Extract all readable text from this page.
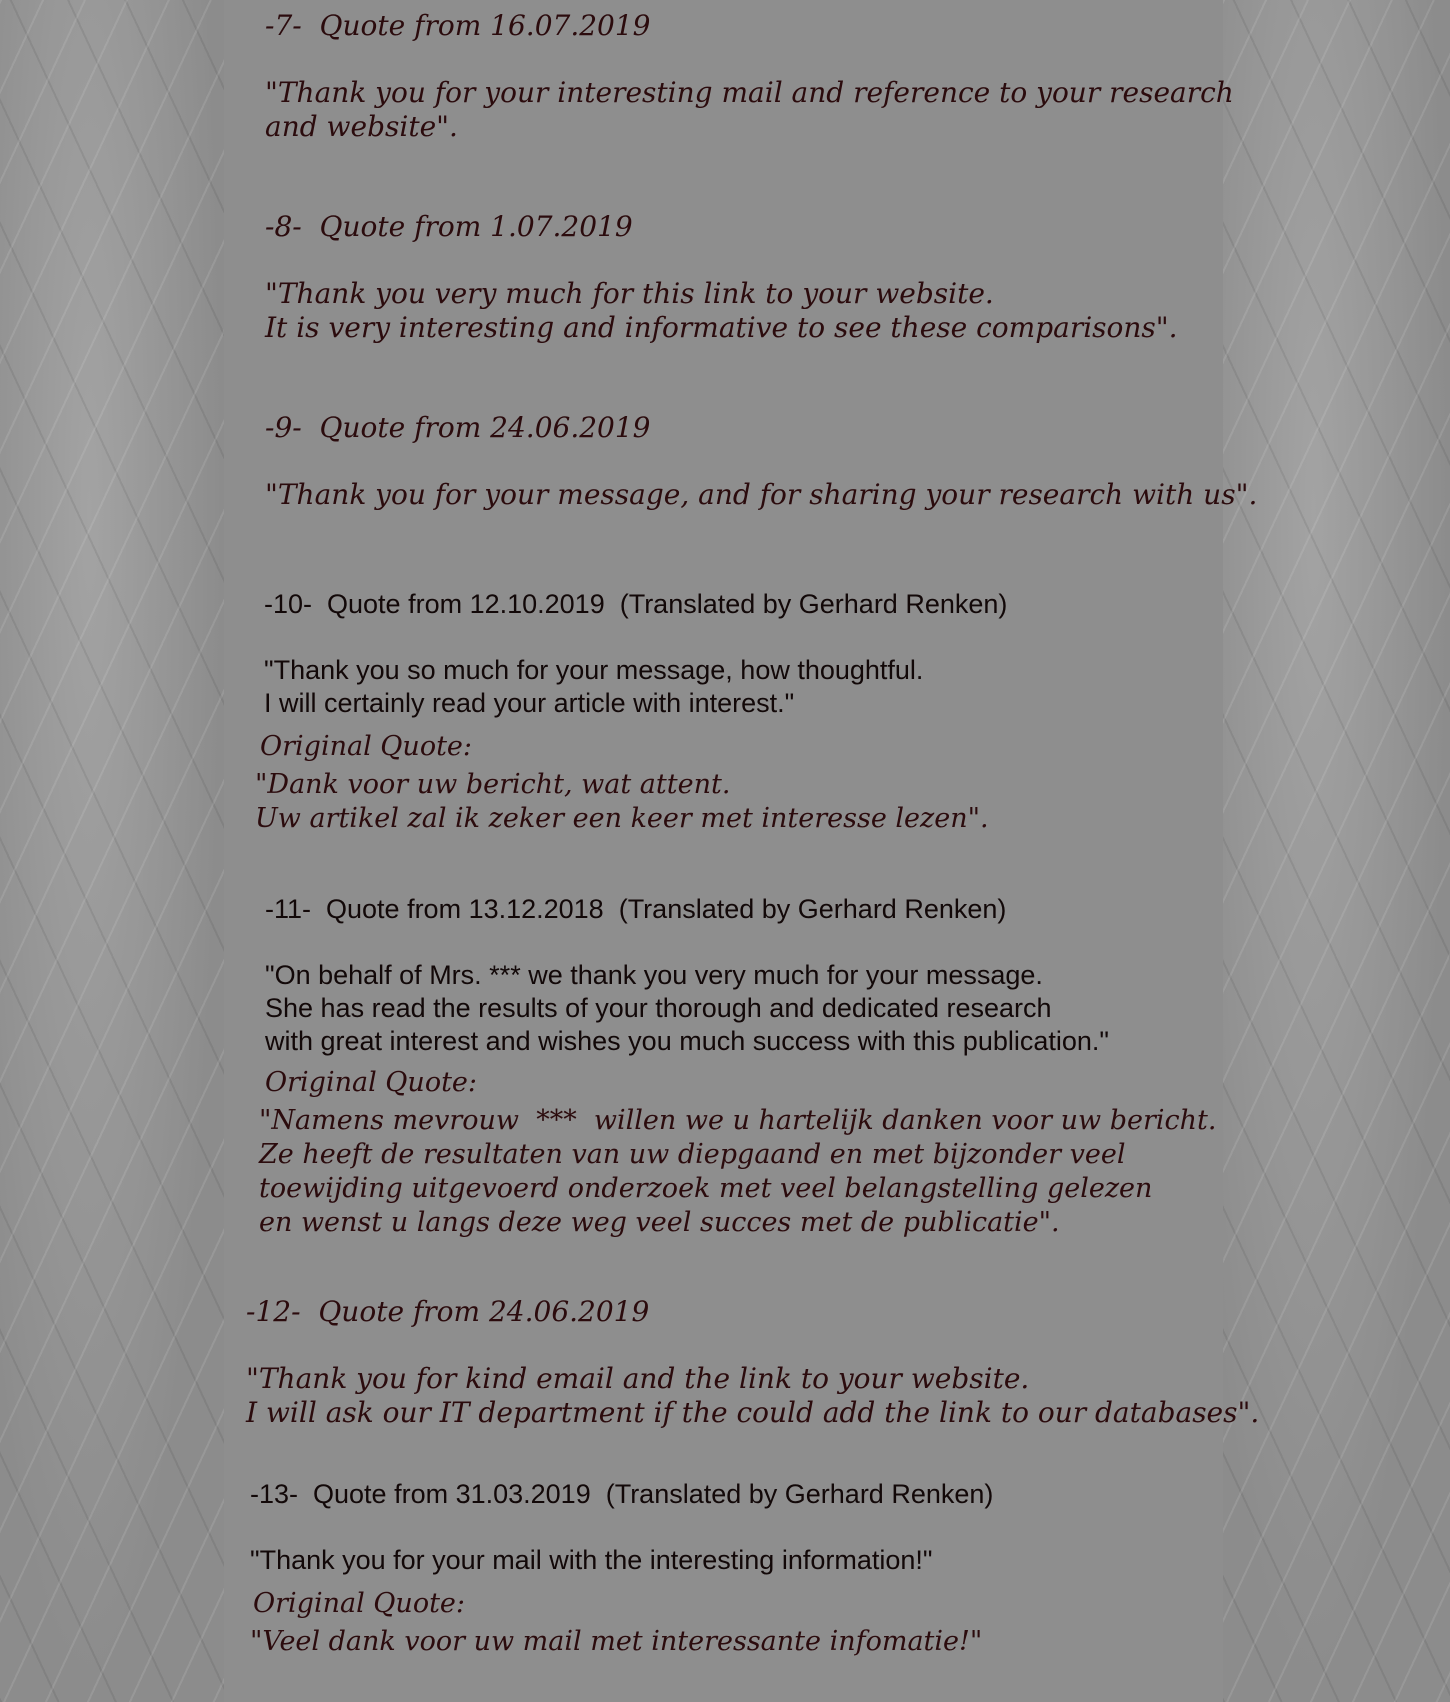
-7-  Quote from 16.07.2019

"Thank you for your interesting mail and reference to your research

and website".

-8-  Quote from 1.07.2019

"Thank you very much for this link to your website.

It is very interesting and informative to see these comparisons".

-9-  Quote from 24.06.2019

"Thank you for your message, and for sharing your research with us".

-10-  Quote from 12.10.2019  (Translated by Gerhard Renken)

"Thank you so much for your message, how thoughtful.

I will certainly read your article with interest."

Original Quote:

"Dank voor uw bericht, wat attent.

Uw artikel zal ik zeker een keer met interesse lezen".

-11-  Quote from 13.12.2018  (Translated by Gerhard Renken)

"On behalf of Mrs. *** we thank you very much for your message.

She has read the results of your thorough and dedicated research

with great interest and wishes you much success with this publication."

Original Quote:

"Namens mevrouw  ***  willen we u hartelijk danken voor uw bericht.

Ze heeft de resultaten van uw diepgaand en met bijzonder veel

toewijding uitgevoerd onderzoek met veel belangstelling gelezen

en wenst u langs deze weg veel succes met de publicatie".

-12-  Quote from 24.06.2019

"Thank you for kind email and the link to your website.

I will ask our IT department if the could add the link to our databases".

-13-  Quote from 31.03.2019  (Translated by Gerhard Renken)

"Thank you for your mail with the interesting information!"

Original Quote:

"Veel dank voor uw mail met interessante infomatie!"
